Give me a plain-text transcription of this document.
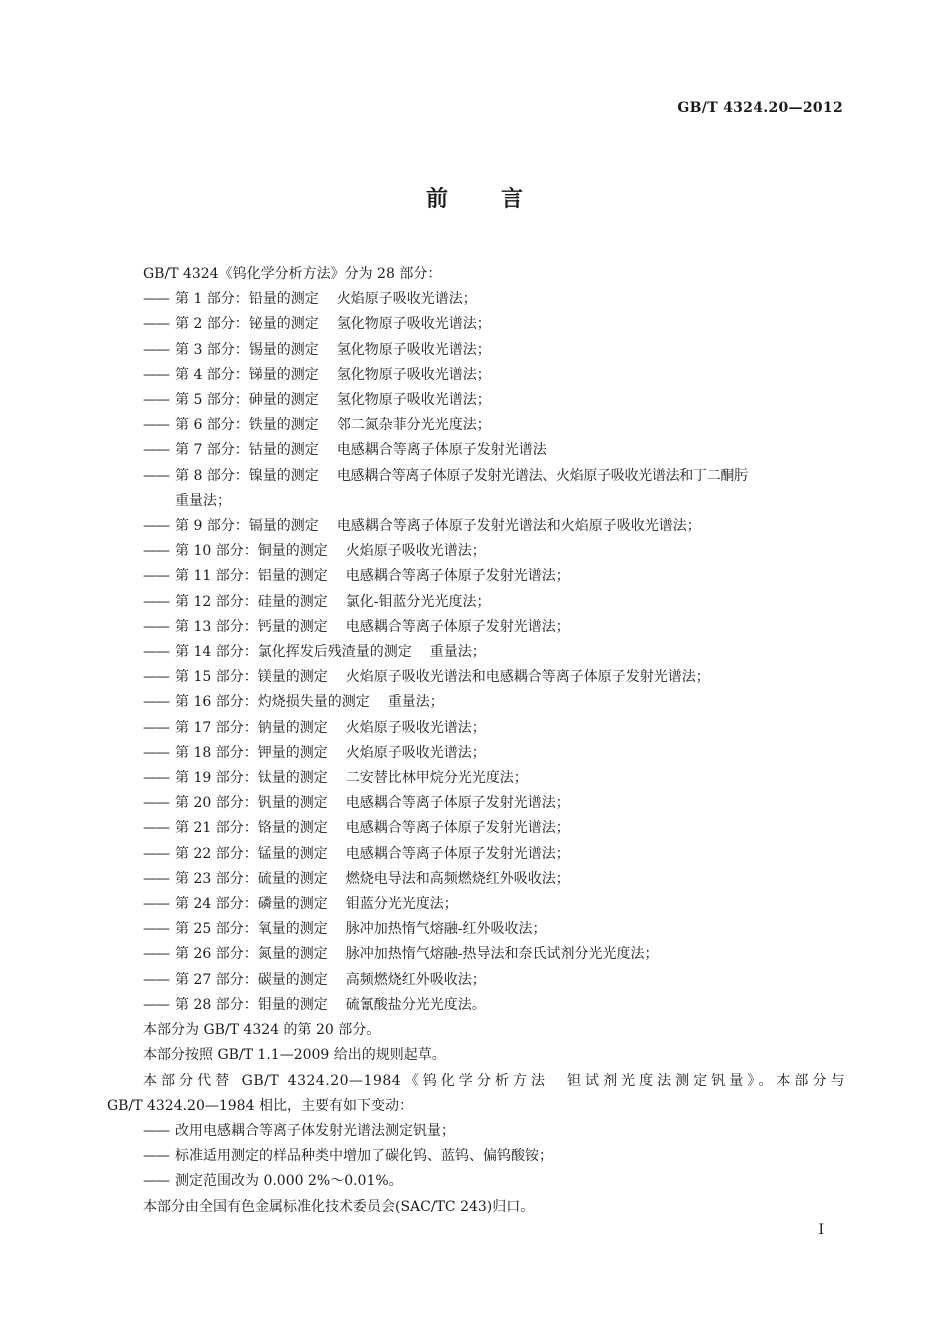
GB/T 4324.20—2012
前 言
GB/T 4324《钨化学分析方法》分为 28 部分：
—— 第 1 部分：铅量的测定 火焰原子吸收光谱法；
—— 第 2 部分：铋量的测定 氢化物原子吸收光谱法；
—— 第 3 部分：锡量的测定 氢化物原子吸收光谱法；
—— 第 4 部分：锑量的测定 氢化物原子吸收光谱法；
—— 第 5 部分：砷量的测定 氢化物原子吸收光谱法；
—— 第 6 部分：铁量的测定 邻二氮杂菲分光光度法；
—— 第 7 部分：钴量的测定 电感耦合等离子体原子发射光谱法
—— 第 8 部分：镍量的测定 电感耦合等离子体原子发射光谱法、火焰原子吸收光谱法和丁二酮肟
重量法；
—— 第 9 部分：镉量的测定 电感耦合等离子体原子发射光谱法和火焰原子吸收光谱法；
—— 第 10 部分：铜量的测定 火焰原子吸收光谱法；
—— 第 11 部分：铝量的测定 电感耦合等离子体原子发射光谱法；
—— 第 12 部分：硅量的测定 氯化-钼蓝分光光度法；
—— 第 13 部分：钙量的测定 电感耦合等离子体原子发射光谱法；
—— 第 14 部分：氯化挥发后残渣量的测定 重量法；
—— 第 15 部分：镁量的测定 火焰原子吸收光谱法和电感耦合等离子体原子发射光谱法；
—— 第 16 部分：灼烧损失量的测定 重量法；
—— 第 17 部分：钠量的测定 火焰原子吸收光谱法；
—— 第 18 部分：钾量的测定 火焰原子吸收光谱法；
—— 第 19 部分：钛量的测定 二安替比林甲烷分光光度法；
—— 第 20 部分：钒量的测定 电感耦合等离子体原子发射光谱法；
—— 第 21 部分：铬量的测定 电感耦合等离子体原子发射光谱法；
—— 第 22 部分：锰量的测定 电感耦合等离子体原子发射光谱法；
—— 第 23 部分：硫量的测定 燃烧电导法和高频燃烧红外吸收法；
—— 第 24 部分：磷量的测定 钼蓝分光光度法；
—— 第 25 部分：氧量的测定 脉冲加热惰气熔融-红外吸收法；
—— 第 26 部分：氮量的测定 脉冲加热惰气熔融-热导法和奈氏试剂分光光度法；
—— 第 27 部分：碳量的测定 高频燃烧红外吸收法；
—— 第 28 部分：钼量的测定 硫氰酸盐分光光度法。
本部分为 GB/T 4324 的第 20 部分。
本部分按照 GB/T 1.1—2009 给出的规则起草。
本部分代替 GB/T 4324.20—1984《钨化学分析方法　钽试剂光度法测定钒量》。本部分与
GB/T 4324.20—1984 相比，主要有如下变动：
—— 改用电感耦合等离子体发射光谱法测定钒量；
—— 标准适用测定的样品种类中增加了碳化钨、蓝钨、偏钨酸铵；
—— 测定范围改为 0.000 2%～0.01%。
本部分由全国有色金属标准化技术委员会(SAC/TC 243)归口。
I
